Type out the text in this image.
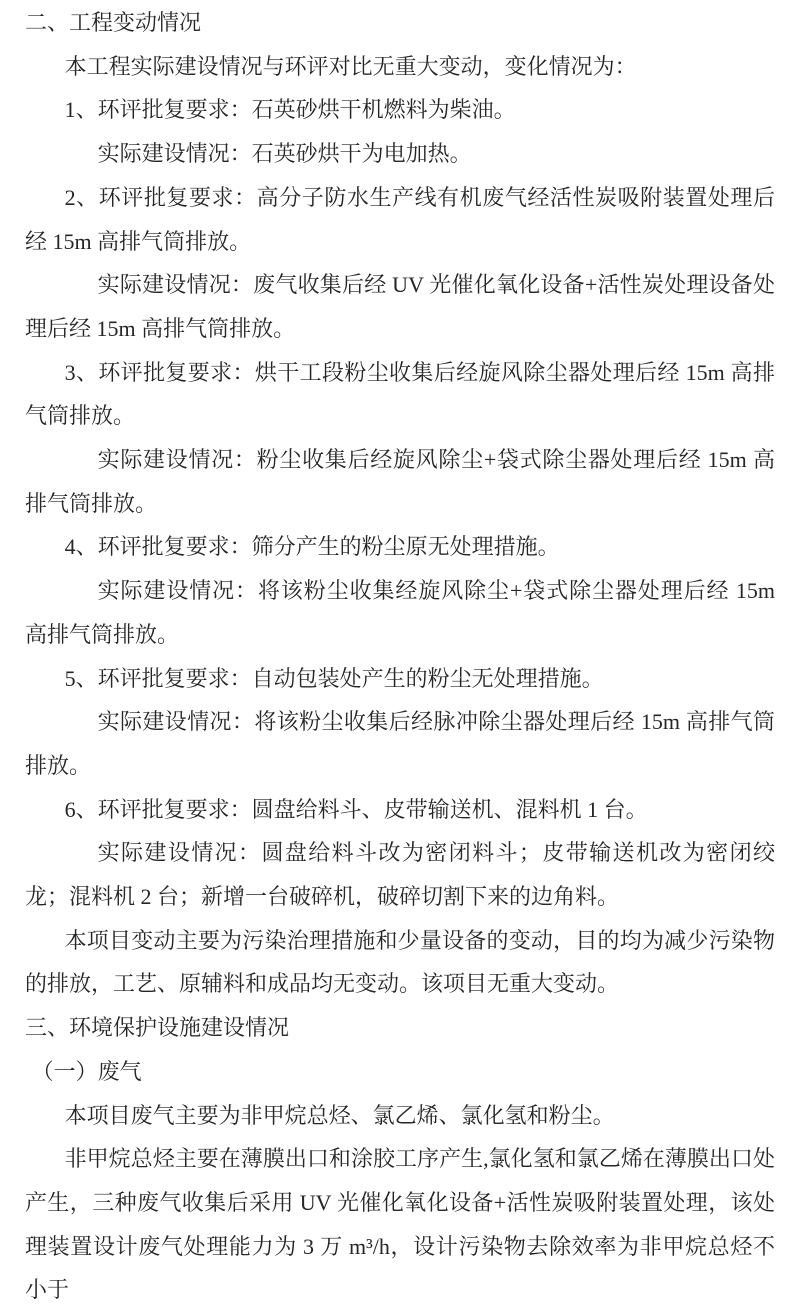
二、工程变动情况
本工程实际建设情况与环评对比无重大变动，变化情况为：
1、环评批复要求：石英砂烘干机燃料为柴油。
实际建设情况：石英砂烘干为电加热。
2、环评批复要求：高分子防水生产线有机废气经活性炭吸附装置处理后经 15m 高排气筒排放。
实际建设情况：废气收集后经 UV 光催化氧化设备+活性炭处理设备处理后经 15m 高排气筒排放。
3、环评批复要求：烘干工段粉尘收集后经旋风除尘器处理后经 15m 高排气筒排放。
实际建设情况：粉尘收集后经旋风除尘+袋式除尘器处理后经 15m 高排气筒排放。
4、环评批复要求：筛分产生的粉尘原无处理措施。
实际建设情况：将该粉尘收集经旋风除尘+袋式除尘器处理后经 15m 高排气筒排放。
5、环评批复要求：自动包装处产生的粉尘无处理措施。
实际建设情况：将该粉尘收集后经脉冲除尘器处理后经 15m 高排气筒排放。
6、环评批复要求：圆盘给料斗、皮带输送机、混料机 1 台。
实际建设情况：圆盘给料斗改为密闭料斗；皮带输送机改为密闭绞龙；混料机 2 台；新增一台破碎机，破碎切割下来的边角料。
本项目变动主要为污染治理措施和少量设备的变动，目的均为减少污染物的排放，工艺、原辅料和成品均无变动。该项目无重大变动。
三、环境保护设施建设情况
（一）废气
本项目废气主要为非甲烷总烃、氯乙烯、氯化氢和粉尘。
非甲烷总烃主要在薄膜出口和涂胶工序产生,氯化氢和氯乙烯在薄膜出口处产生，三种废气收集后采用 UV 光催化氧化设备+活性炭吸附装置处理，该处理装置设计废气处理能力为 3 万 m³/h，设计污染物去除效率为非甲烷总烃不小于
